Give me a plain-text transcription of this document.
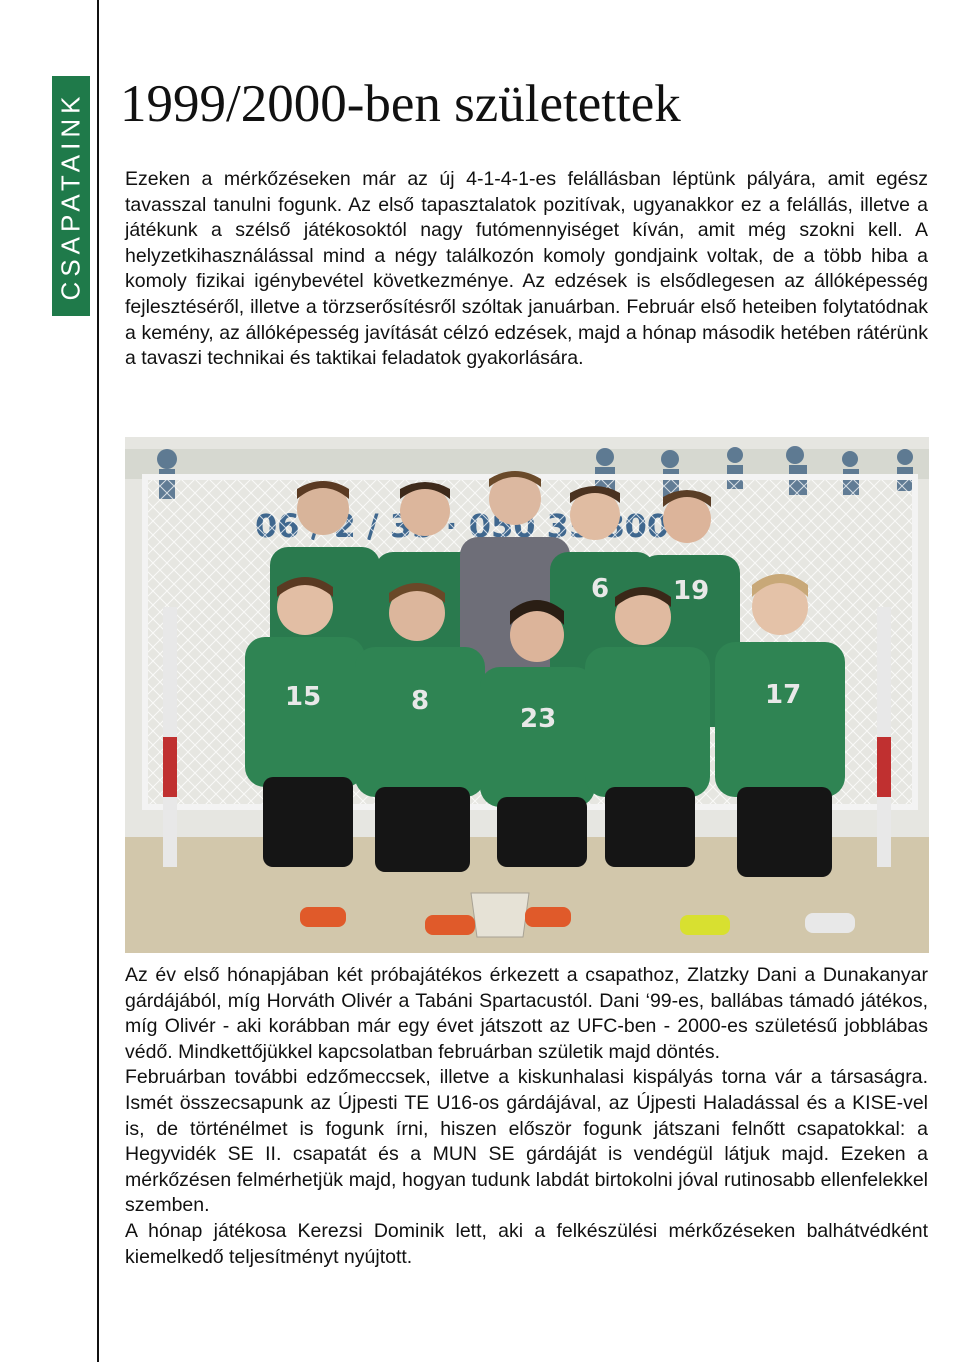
CSAPATAINK 1999/2000-ben születettek

Ezeken a mérkőzéseken már az új 4-1-4-1-es felállásban léptünk pályára, amit egész tavasszal tanulni fogunk. Az első tapasztalatok pozitívak, ugyanakkor ez a felállás, illetve a játékunk a szélső játékosoktól nagy futómennyiséget kíván, amit még szokni kell. A helyzetkihasználással mind a négy találkozón komoly gondjaink voltak, de a több hiba a komoly fizikai igénybevétel következménye. Az edzések is elsődlegesen az állóképesség fejlesztéséről, illetve a törzserősítésről szóltak januárban. Február első heteiben folytatódnak a kemény, az állóképesség javítását célzó edzések, majd a hónap második hetében rátérünk a tavaszi technikai és taktikai feladatok gyakorlására.

6 19
15	8
23
17

Az év első hónapjában két próbajátékos érkezett a csapathoz, Zlatzky Dani a Dunakanyar gárdájából, míg Horváth Olivér a Tabáni Spartacustól. Dani ‘99-es, ballábas támadó játékos, míg Olivér - aki korábban már egy évet játszott az UFC-ben - 2000-es születésű jobblábas védő. Mindkettőjükkel kapcsolatban februárban születik majd döntés.

Februárban további edzőmeccsek, illetve a kiskunhalasi kispályás torna vár a társaságra. Ismét összecsapunk az Újpesti TE U16-os gárdájával, az Újpesti Haladással és a KISE-vel is, de történélmet is fogunk írni, hiszen először fogunk játszani felnőtt csapatokkal: a Hegyvidék SE II. csapatát és a MUN SE gárdáját is vendégül látjuk majd. Ezeken a mérkőzésen felmérhetjük majd, hogyan tudunk labdát birtokolni jóval rutinosabb ellenfelekkel szemben.

A hónap játékosa Kerezsi Dominik lett, aki a felkészülési mérkőzéseken balhátvédként kiemelkedő teljesítményt nyújtott.
